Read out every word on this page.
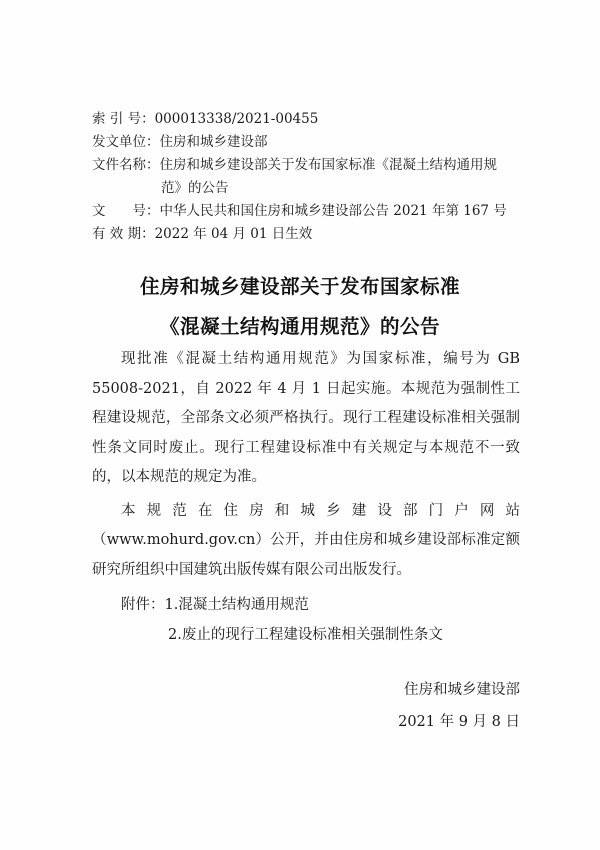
索 引 号： 000013338/2021-00455
发文单位： 住房和城乡建设部
文件名称： 住房和城乡建设部关于发布国家标准《混凝土结构通用规
范》的公告
文　　号： 中华人民共和国住房和城乡建设部公告 2021 年第 167 号
有 效 期： 2022 年 04 月 01 日生效
住房和城乡建设部关于发布国家标准
《混凝土结构通用规范》的公告

现批准《混凝土结构通用规范》为国家标准，编号为 GB 55008-2021，自 2022 年 4 月 1 日起实施。本规范为强制性工程建设规范，全部条文必须严格执行。现行工程建设标准相关强制性条文同时废止。现行工程建设标准中有关规定与本规范不一致的，以本规范的规定为准。

本规范在住房和城乡建设部门户网站（www.mohurd.gov.cn）公开，并由住房和城乡建设部标准定额研究所组织中国建筑出版传媒有限公司出版发行。

附件：1.混凝土结构通用规范
2.废止的现行工程建设标准相关强制性条文
住房和城乡建设部
2021 年 9 月 8 日
